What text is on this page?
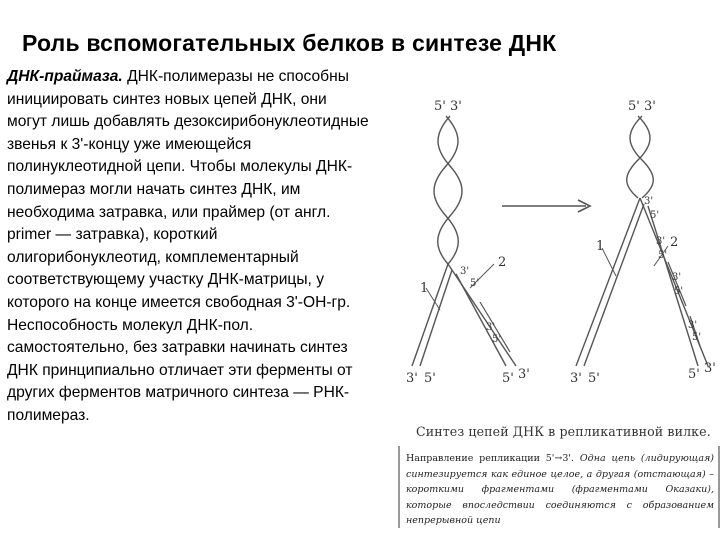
Роль вспомогательных белков в синтезе ДНК

ДНК-праймаза. ДНК-полимеразы не способны инициировать синтез новых цепей ДНК, они могут лишь добавлять дезоксирибонуклеотидные звенья к 3'-концу уже имеющейся полинуклеотидной цепи. Чтобы молекулы ДНК-полимераз могли начать синтез ДНК, им необходима затравка, или праймер (от англ. primer — затравка), короткий олигорибонуклеотид, комплементарный соответствующему участку ДНК-матрицы, у которого на конце имеется свободная 3'-ОН-гр. Неспособность молекул ДНК-пол. самостоятельно, без затравки начинать синтез ДНК принципиально отличает эти ферменты от других ферментов матричного синтеза — РНК-полимераз.

5' 3'
1
2
3'
5'
3'
5'
3' 5'	5' 3'
5' 3'
1	2
3'
5'
3'
5'
3'
5'
3'
5'
3' 5'	5' 3'
Синтез цепей ДНК в репликативной вилке.
Направление репликации 5'→3'. Одна цепь (лидирующая) синтезируется как единое целое, а другая (отстающая) – короткими фрагментами (фрагментами Оказаки), которые впоследствии соединяются с образованием непрерывной цепи
